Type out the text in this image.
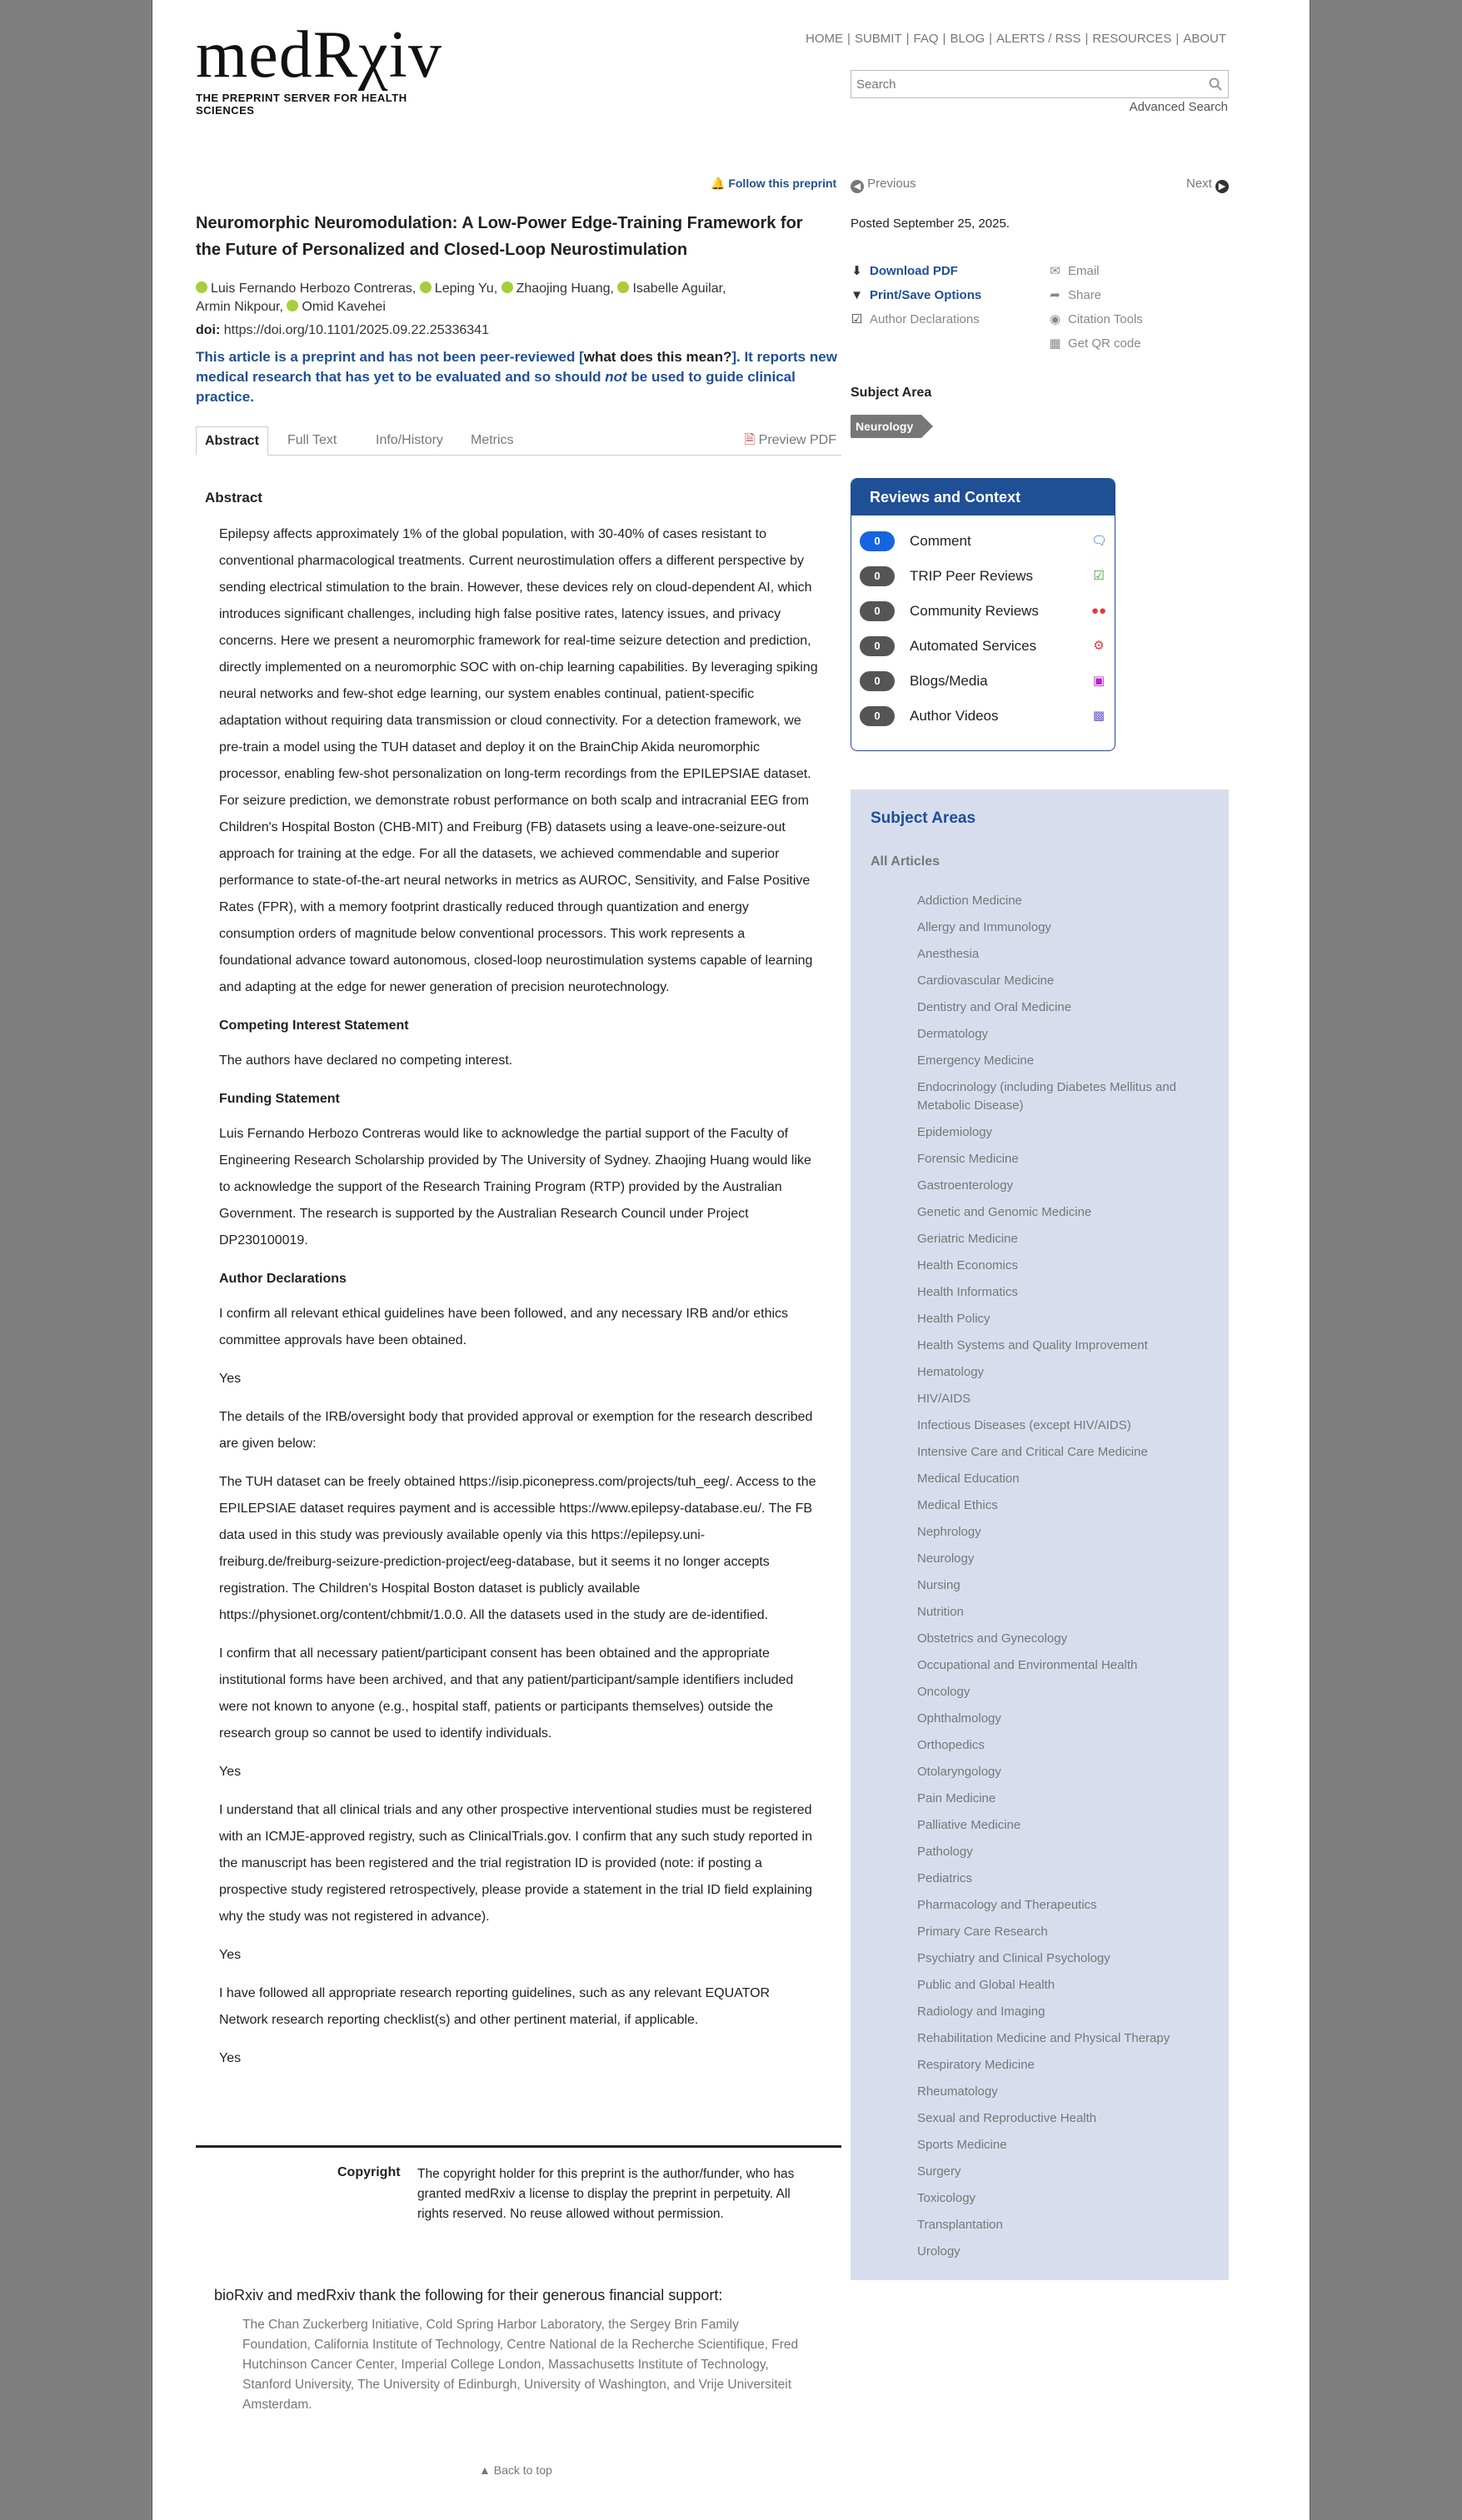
medRχiv
THE PREPRINT SERVER FOR HEALTH SCIENCES
HOME | SUBMIT | FAQ | BLOG | ALERTS / RSS | RESOURCES | ABOUT
Search
Advanced Search
🔔 Follow this preprint
Neuromorphic Neuromodulation: A Low-Power Edge-Training Framework for the Future of Personalized and Closed-Loop Neurostimulation
Luis Fernando Herbozo Contreras, Leping Yu, Zhaojing Huang, Isabelle Aguilar,
Armin Nikpour, Omid Kavehei
doi: https://doi.org/10.1101/2025.09.22.25336341
This article is a preprint and has not been peer-reviewed [what does this mean?]. It reports new medical research that has yet to be evaluated and so should not be used to guide clinical practice.
Abstract	Full Text	Info/History	Metrics	🗎 Preview PDF
Abstract

Epilepsy affects approximately 1% of the global population, with 30-40% of cases resistant to conventional pharmacological treatments. Current neurostimulation offers a different perspective by sending electrical stimulation to the brain. However, these devices rely on cloud-dependent AI, which introduces significant challenges, including high false positive rates, latency issues, and privacy concerns. Here we present a neuromorphic framework for real-time seizure detection and prediction, directly implemented on a neuromorphic SOC with on-chip learning capabilities. By leveraging spiking neural networks and few-shot edge learning, our system enables continual, patient-specific adaptation without requiring data transmission or cloud connectivity. For a detection framework, we pre-train a model using the TUH dataset and deploy it on the BrainChip Akida neuromorphic processor, enabling few-shot personalization on long-term recordings from the EPILEPSIAE dataset. For seizure prediction, we demonstrate robust performance on both scalp and intracranial EEG from Children's Hospital Boston (CHB-MIT) and Freiburg (FB) datasets using a leave-one-seizure-out approach for training at the edge. For all the datasets, we achieved commendable and superior performance to state-of-the-art neural networks in metrics as AUROC, Sensitivity, and False Positive Rates (FPR), with a memory footprint drastically reduced through quantization and energy consumption orders of magnitude below conventional processors. This work represents a foundational advance toward autonomous, closed-loop neurostimulation systems capable of learning and adapting at the edge for newer generation of precision neurotechnology.

Competing Interest Statement

The authors have declared no competing interest.

Funding Statement

Luis Fernando Herbozo Contreras would like to acknowledge the partial support of the Faculty of Engineering Research Scholarship provided by The University of Sydney. Zhaojing Huang would like to acknowledge the support of the Research Training Program (RTP) provided by the Australian Government. The research is supported by the Australian Research Council under Project DP230100019.

Author Declarations

I confirm all relevant ethical guidelines have been followed, and any necessary IRB and/or ethics committee approvals have been obtained.

Yes

The details of the IRB/oversight body that provided approval or exemption for the research described are given below:

The TUH dataset can be freely obtained https://isip.piconepress.com/projects/tuh_eeg/. Access to the EPILEPSIAE dataset requires payment and is accessible https://www.epilepsy-database.eu/. The FB data used in this study was previously available openly via this https://epilepsy.uni-freiburg.de/freiburg-seizure-prediction-project/eeg-database, but it seems it no longer accepts registration. The Children's Hospital Boston dataset is publicly available https://physionet.org/content/chbmit/1.0.0. All the datasets used in the study are de-identified.

I confirm that all necessary patient/participant consent has been obtained and the appropriate institutional forms have been archived, and that any patient/participant/sample identifiers included were not known to anyone (e.g., hospital staff, patients or participants themselves) outside the research group so cannot be used to identify individuals.

Yes

I understand that all clinical trials and any other prospective interventional studies must be registered with an ICMJE-approved registry, such as ClinicalTrials.gov. I confirm that any such study reported in the manuscript has been registered and the trial registration ID is provided (note: if posting a prospective study registered retrospectively, please provide a statement in the trial ID field explaining why the study was not registered in advance).

Yes

I have followed all appropriate research reporting guidelines, such as any relevant EQUATOR Network research reporting checklist(s) and other pertinent material, if applicable.

Yes

Copyright The copyright holder for this preprint is the author/funder, who has granted medRxiv a license to display the preprint in perpetuity. All rights reserved. No reuse allowed without permission.
bioRxiv and medRxiv thank the following for their generous financial support:
The Chan Zuckerberg Initiative, Cold Spring Harbor Laboratory, the Sergey Brin Family Foundation, California Institute of Technology, Centre National de la Recherche Scientifique, Fred Hutchinson Cancer Center, Imperial College London, Massachusetts Institute of Technology, Stanford University, The University of Edinburgh, University of Washington, and Vrije Universiteit Amsterdam.
▲ Back to top
◀ Previous	Next ▶
Posted September 25, 2025.
⬇ Download PDF
▼ Print/Save Options
☑ Author Declarations
✉ Email
➦ Share
◉ Citation Tools
▦ Get QR code
Subject Area
Neurology
Reviews and Context
0	Comment	🗨
0	TRIP Peer Reviews	☑
0	Community Reviews	●●
0	Automated Services	⚙
0	Blogs/Media	▣
0	Author Videos	▩
Subject Areas
All Articles
Addiction Medicine
Allergy and Immunology
Anesthesia
Cardiovascular Medicine
Dentistry and Oral Medicine
Dermatology
Emergency Medicine
Endocrinology (including Diabetes Mellitus and Metabolic Disease)
Epidemiology
Forensic Medicine
Gastroenterology
Genetic and Genomic Medicine
Geriatric Medicine
Health Economics
Health Informatics
Health Policy
Health Systems and Quality Improvement
Hematology
HIV/AIDS
Infectious Diseases (except HIV/AIDS)
Intensive Care and Critical Care Medicine
Medical Education
Medical Ethics
Nephrology
Neurology
Nursing
Nutrition
Obstetrics and Gynecology
Occupational and Environmental Health
Oncology
Ophthalmology
Orthopedics
Otolaryngology
Pain Medicine
Palliative Medicine
Pathology
Pediatrics
Pharmacology and Therapeutics
Primary Care Research
Psychiatry and Clinical Psychology
Public and Global Health
Radiology and Imaging
Rehabilitation Medicine and Physical Therapy
Respiratory Medicine
Rheumatology
Sexual and Reproductive Health
Sports Medicine
Surgery
Toxicology
Transplantation
Urology
